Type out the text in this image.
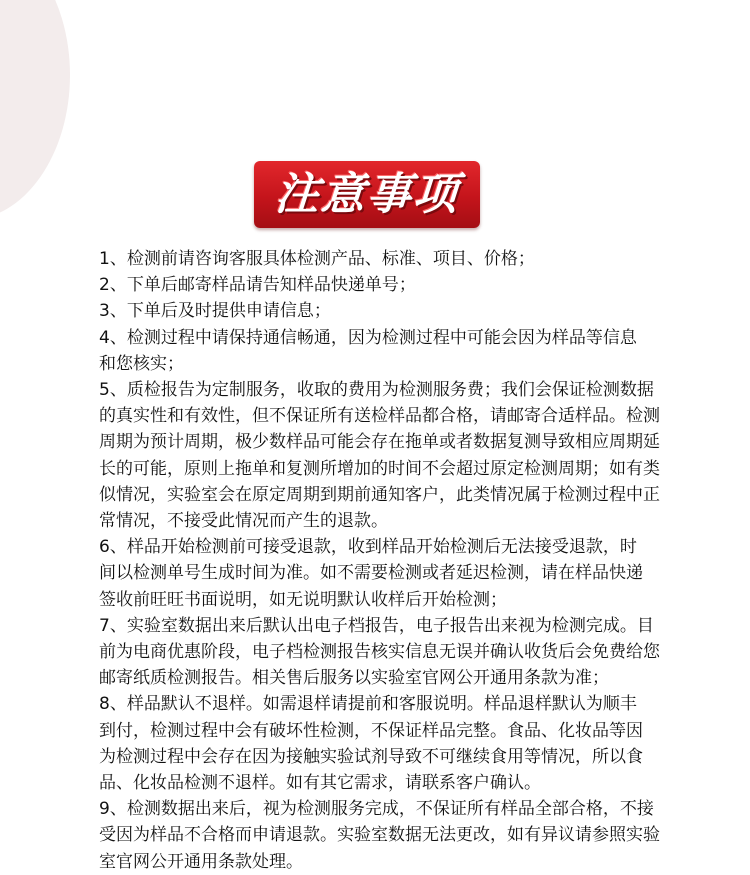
注意事项
1、检测前请咨询客服具体检测产品、标准、项目、价格；
2、下单后邮寄样品请告知样品快递单号；
3、下单后及时提供申请信息；
4、检测过程中请保持通信畅通，因为检测过程中可能会因为样品等信息
和您核实；
5、质检报告为定制服务，收取的费用为检测服务费；我们会保证检测数据
的真实性和有效性，但不保证所有送检样品都合格，请邮寄合适样品。检测
周期为预计周期，极少数样品可能会存在拖单或者数据复测导致相应周期延
长的可能，原则上拖单和复测所增加的时间不会超过原定检测周期；如有类
似情况，实验室会在原定周期到期前通知客户，此类情况属于检测过程中正
常情况，不接受此情况而产生的退款。
6、样品开始检测前可接受退款，收到样品开始检测后无法接受退款，时
间以检测单号生成时间为准。如不需要检测或者延迟检测，请在样品快递
签收前旺旺书面说明，如无说明默认收样后开始检测；
7、实验室数据出来后默认出电子档报告，电子报告出来视为检测完成。目
前为电商优惠阶段，电子档检测报告核实信息无误并确认收货后会免费给您
邮寄纸质检测报告。相关售后服务以实验室官网公开通用条款为准；
8、样品默认不退样。如需退样请提前和客服说明。样品退样默认为顺丰
到付，检测过程中会有破坏性检测，不保证样品完整。食品、化妆品等因
为检测过程中会存在因为接触实验试剂导致不可继续食用等情况，所以食
品、化妆品检测不退样。如有其它需求，请联系客户确认。
9、检测数据出来后，视为检测服务完成，不保证所有样品全部合格，不接
受因为样品不合格而申请退款。实验室数据无法更改，如有异议请参照实验
室官网公开通用条款处理。
